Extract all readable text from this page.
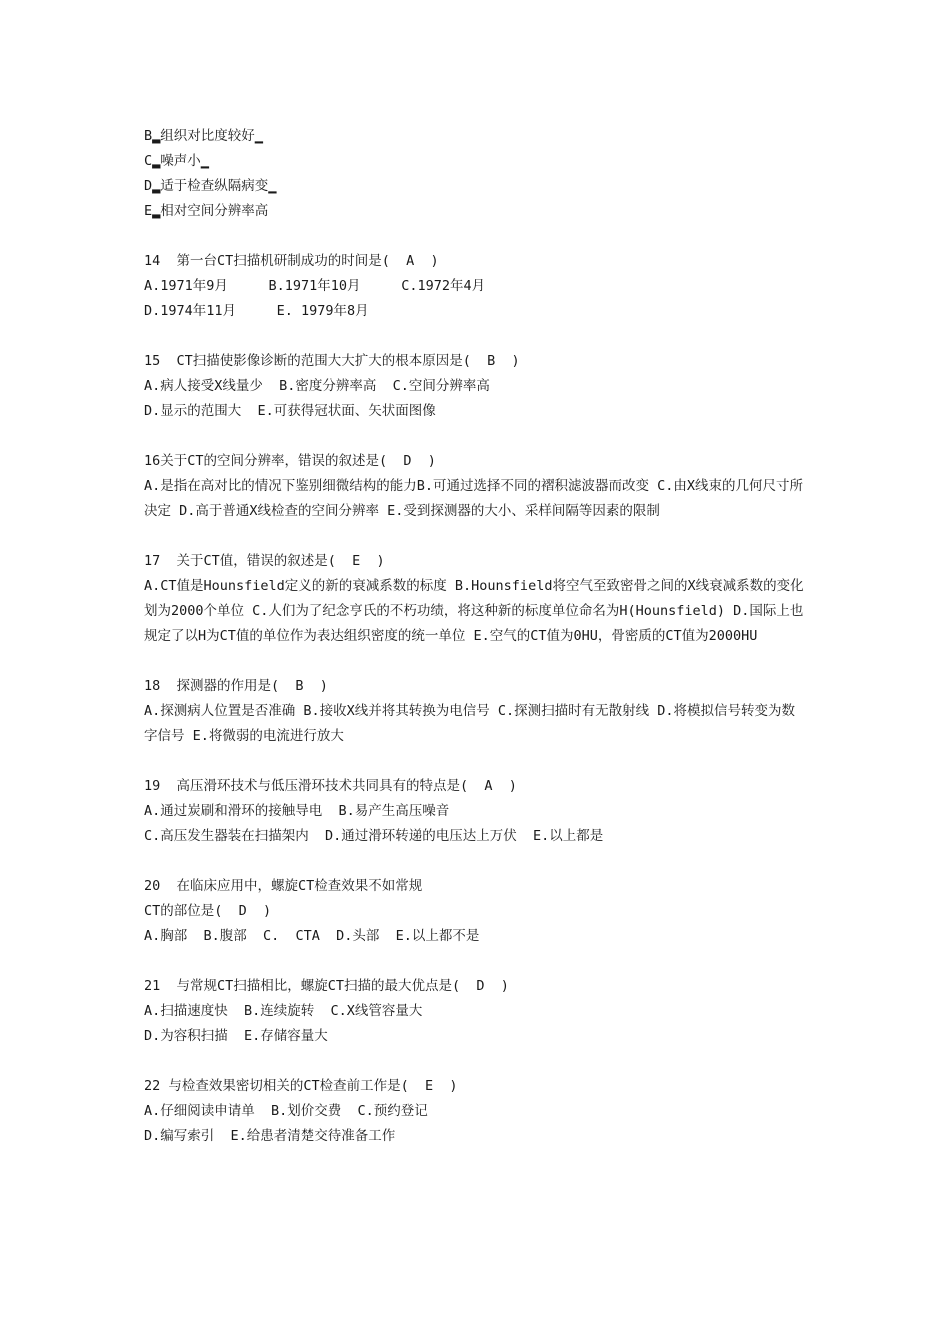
B▂组织对比度较好▁
C▂噪声小▁
D▂适于检查纵隔病变▁
E▂相对空间分辨率高
14  第一台CT扫描机研制成功的时间是(  A  )
A.1971年9月     B.1971年10月     C.1972年4月
D.1974年11月     E. 1979年8月
15  CT扫描使影像诊断的范围大大扩大的根本原因是(  B  )
A.病人接受X线量少  B.密度分辨率高  C.空间分辨率高
D.显示的范围大  E.可获得冠状面、矢状面图像
16关于CT的空间分辨率，错误的叙述是(  D  )
A.是指在高对比的情况下鉴别细微结构的能力B.可通过选择不同的褶积滤波器而改变 C.由X线束的几何尺寸所决定 D.高于普通X线检查的空间分辨率 E.受到探测器的大小、采样间隔等因素的限制
17  关于CT值，错误的叙述是(  E  )
A.CT值是Hounsfield定义的新的衰减系数的标度 B.Hounsfield将空气至致密骨之间的X线衰减系数的变化划为2000个单位 C.人们为了纪念亨氏的不朽功绩，将这种新的标度单位命名为H(Hounsfield) D.国际上也规定了以H为CT值的单位作为表达组织密度的统一单位 E.空气的CT值为0HU，骨密质的CT值为2000HU
18  探测器的作用是(  B  )
A.探测病人位置是否准确 B.接收X线并将其转换为电信号 C.探测扫描时有无散射线 D.将模拟信号转变为数字信号 E.将微弱的电流进行放大
19  高压滑环技术与低压滑环技术共同具有的特点是(  A  )
A.通过炭刷和滑环的接触导电  B.易产生高压噪音
C.高压发生器装在扫描架内  D.通过滑环转递的电压达上万伏  E.以上都是
20  在临床应用中，螺旋CT检查效果不如常规
CT的部位是(  D  )
A.胸部  B.腹部  C.  CTA  D.头部  E.以上都不是
21  与常规CT扫描相比，螺旋CT扫描的最大优点是(  D  )
A.扫描速度快  B.连续旋转  C.X线管容量大
D.为容积扫描  E.存储容量大
22 与检查效果密切相关的CT检查前工作是(  E  )
A.仔细阅读申请单  B.划价交费  C.预约登记
D.编写索引  E.给患者清楚交待准备工作
